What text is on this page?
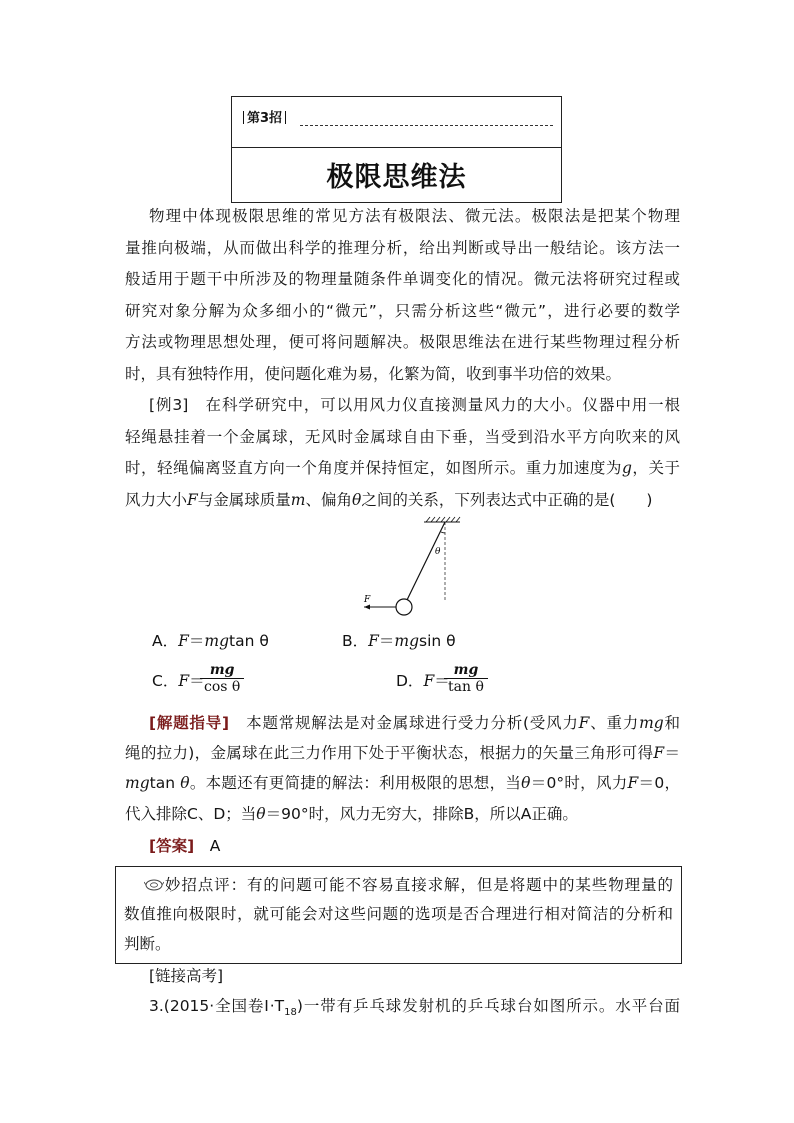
第3招
极限思维法
物理中体现极限思维的常见方法有极限法、微元法。极限法是把某个物理
量推向极端，从而做出科学的推理分析，给出判断或导出一般结论。该方法一
般适用于题干中所涉及的物理量随条件单调变化的情况。微元法将研究过程或
研究对象分解为众多细小的“微元”，只需分析这些“微元”，进行必要的数学
方法或物理思想处理，便可将问题解决。极限思维法在进行某些物理过程分析
时，具有独特作用，使问题化难为易，化繁为简，收到事半功倍的效果。
[例3]　 在科学研究中，可以用风力仪直接测量风力的大小。仪器中用一根
轻绳悬挂着一个金属球，无风时金属球自由下垂，当受到沿水平方向吹来的风
时，轻绳偏离竖直方向一个角度并保持恒定，如图所示。重力加速度为g，关于
风力大小F与金属球质量m、偏角θ之间的关系，下列表达式中正确的是(　　)
θ
F
A．F＝mgtan θ	B．F＝mgsin θ
C．F＝
$\frac{mg}{\text{cos θ}}$	D．F＝
$\frac{mg}{\text{tan θ}}$
[解题指导]　 本题常规解法是对金属球进行受力分析(受风力F、重力mg和
绳的拉力)，金属球在此三力作用下处于平衡状态，根据力的矢量三角形可得F＝
mgtan θ。本题还有更简捷的解法：利用极限的思想，当θ＝0°时，风力F＝0，
代入排除C、D；当θ＝90°时，风力无穷大，排除B，所以A正确。
[答案]　 A
妙招点评：有的问题可能不容易直接求解，但是将题中的某些物理量的
数值推向极限时，就可能会对这些问题的选项是否合理进行相对简洁的分析和
判断。
[链接高考]
3.(2015·全国卷$Ⅰ\cdot T_{18}$)一带有乒乓球发射机的乒乓球台如图所示。水平台面
